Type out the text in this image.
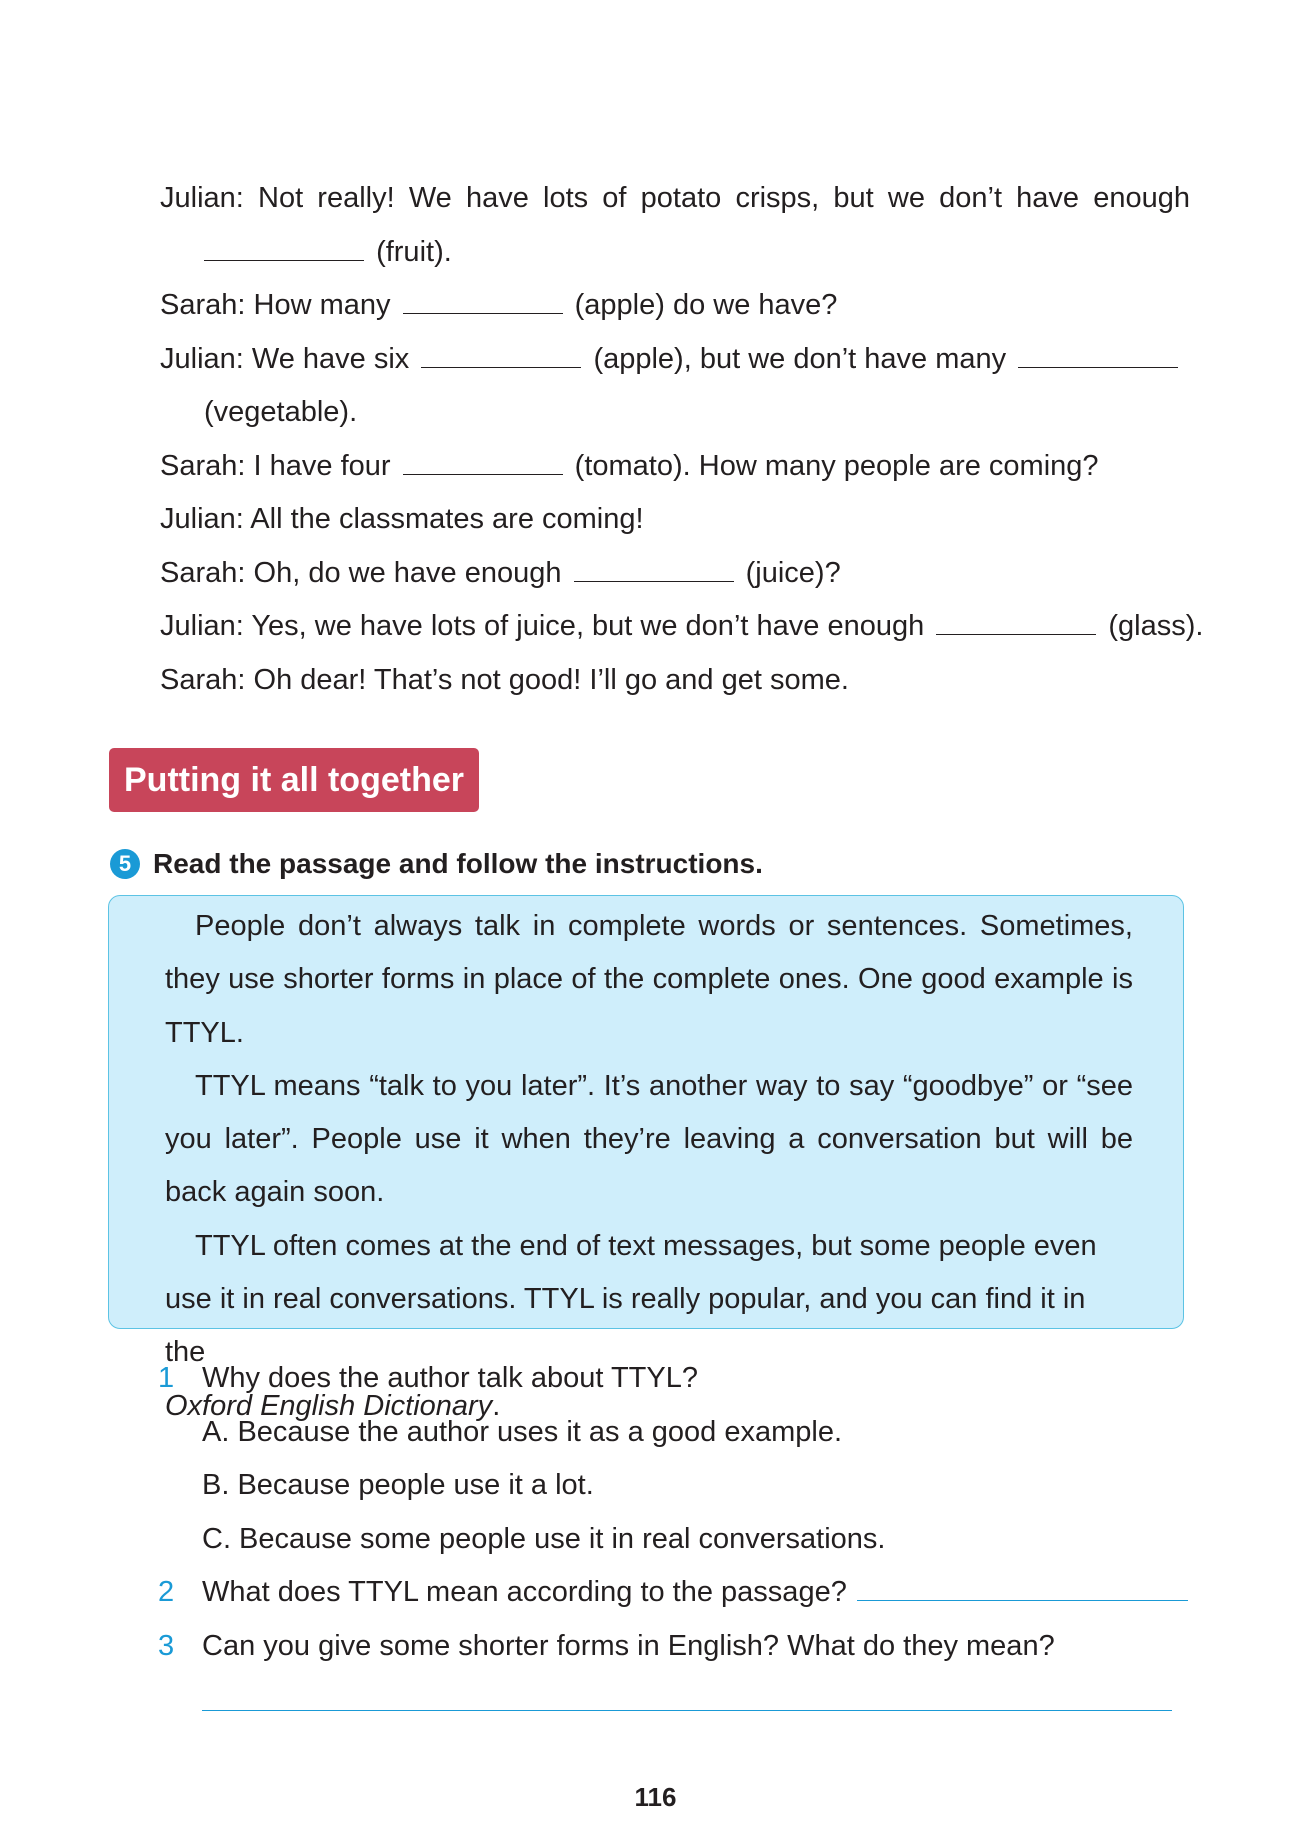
Julian: Not really! We have lots of potato crisps, but we don’t have enough
(fruit).
Sarah: How many	(apple) do we have?
Julian: We have six	(apple), but we don’t have many
(vegetable).
Sarah: I have four	(tomato). How many people are coming?
Julian: All the classmates are coming!
Sarah: Oh, do we have enough	(juice)?
Julian: Yes, we have lots of juice, but we don’t have enough	(glass).
Sarah: Oh dear! That’s not good! I’ll go and get some.
Putting it all together
5 Read the passage and follow the instructions.

People don’t always talk in complete words or sentences. Sometimes, they use shorter forms in place of the complete ones. One good example is TTYL.

TTYL means “talk to you later”. It’s another way to say “goodbye” or “see you later”. People use it when they’re leaving a conversation but will be back again soon.

TTYL often comes at the end of text messages, but some people even use it in real conversations. TTYL is really popular, and you can find it in the
Oxford English Dictionary.

1 Why does the author talk about TTYL?
A. Because the author uses it as a good example.
B. Because people use it a lot.
C. Because some people use it in real conversations.
2 What does TTYL mean according to the passage?
3 Can you give some shorter forms in English? What do they mean?
116
